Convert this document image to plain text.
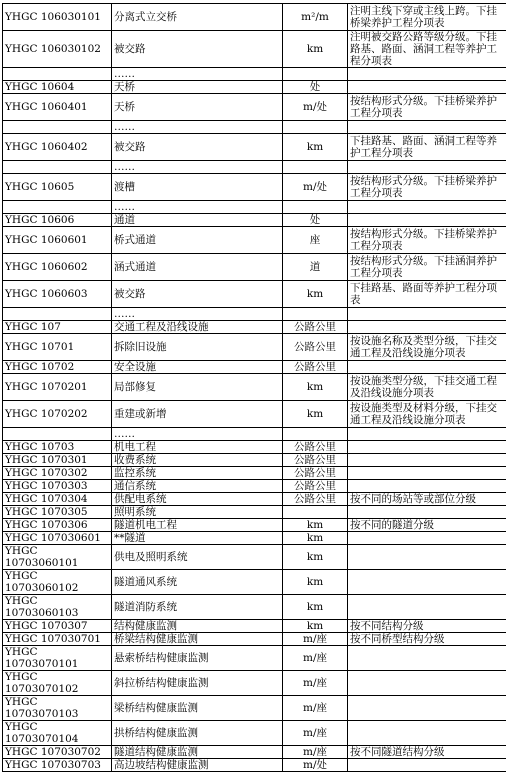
YHGC 106030101	分离式立交桥	m²/m	注明主线下穿或主线上跨。下挂桥梁养护工程分项表
YHGC 106030102	被交路	km	注明被交路公路等级分级。下挂路基、路面、涵洞工程等养护工程分项表
	……		
YHGC 10604	天桥	处	
YHGC 1060401	天桥	m/处	按结构形式分级。下挂桥梁养护工程分项表
	……		
YHGC 1060402	被交路	km	下挂路基、路面、涵洞工程等养护工程分项表
	……		
YHGC 10605	渡槽	m/处	按结构形式分级。下挂桥梁养护工程分项表
	……		
YHGC 10606	通道	处	
YHGC 1060601	桥式通道	座	按结构形式分级。下挂桥梁养护工程分项表
YHGC 1060602	涵式通道	道	按结构形式分级。下挂涵洞养护工程分项表
YHGC 1060603	被交路	km	下挂路基、路面等养护工程分项表
	……		
YHGC 107	交通工程及沿线设施	公路公里	
YHGC 10701	拆除旧设施	公路公里	按设施名称及类型分级，下挂交通工程及沿线设施分项表
YHGC 10702	安全设施	公路公里	
YHGC 1070201	局部修复	km	按设施类型分级，下挂交通工程及沿线设施分项表
YHGC 1070202	重建或新增	km	按设施类型及材料分级，下挂交通工程及沿线设施分项表
	……		
YHGC 10703	机电工程	公路公里	
YHGC 1070301	收费系统	公路公里	
YHGC 1070302	监控系统	公路公里	
YHGC 1070303	通信系统	公路公里	
YHGC 1070304	供配电系统	公路公里	按不同的场站等或部位分级
YHGC 1070305	照明系统		
YHGC 1070306	隧道机电工程	km	按不同的隧道分级
YHGC 107030601	**隧道	km	
YHGC 10703060101	供电及照明系统	km	
YHGC 10703060102	隧道通风系统	km	
YHGC 10703060103	隧道消防系统	km	
YHGC 1070307	结构健康监测	km	按不同结构分级
YHGC 107030701	桥梁结构健康监测	m/座	按不同桥型结构分级
YHGC 10703070101	悬索桥结构健康监测	m/座	
YHGC 10703070102	斜拉桥结构健康监测	m/座	
YHGC 10703070103	梁桥结构健康监测	m/座	
YHGC 10703070104	拱桥结构健康监测	m/座	
YHGC 107030702	隧道结构健康监测	m/座	按不同隧道结构分级
YHGC 107030703	高边坡结构健康监测	m/处	
